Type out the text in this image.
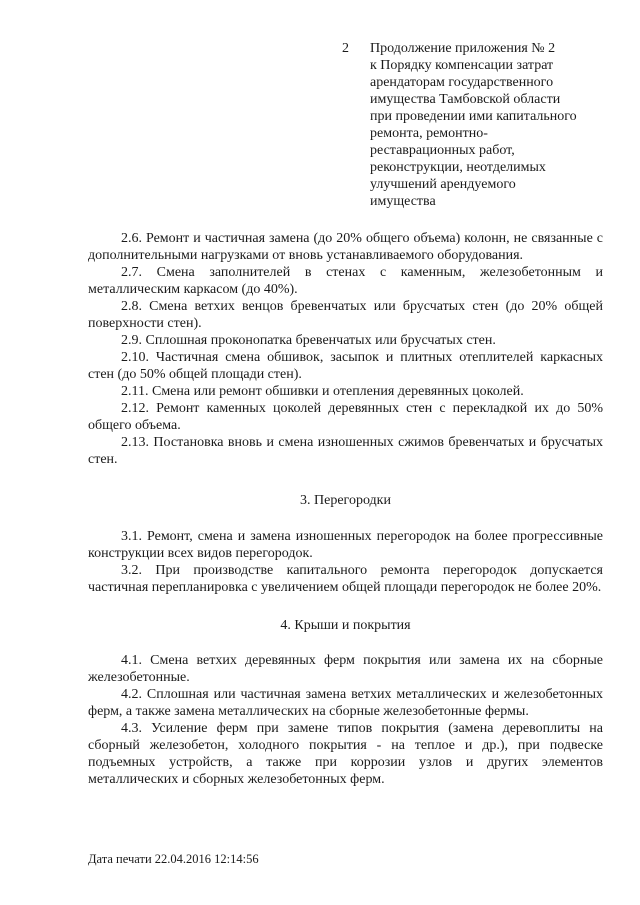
2 Продолжение приложения № 2
к Порядку компенсации затрат
арендаторам государственного
имущества Тамбовской области
при проведении ими капитального
ремонта, ремонтно-
реставрационных работ,
реконструкции, неотделимых
улучшений арендуемого
имущества

2.6. Ремонт и частичная замена (до 20% общего объема) колонн, не связанные с дополнительными нагрузками от вновь устанавливаемого оборудования.

2.7. Смена заполнителей в стенах с каменным, железобетонным и металлическим каркасом (до 40%).

2.8. Смена ветхих венцов бревенчатых или брусчатых стен (до 20% общей поверхности стен).

2.9. Сплошная проконопатка бревенчатых или брусчатых стен.

2.10. Частичная смена обшивок, засыпок и плитных отеплителей каркасных стен (до 50% общей площади стен).

2.11. Смена или ремонт обшивки и отепления деревянных цоколей.

2.12. Ремонт каменных цоколей деревянных стен с перекладкой их до 50% общего объема.

2.13. Постановка вновь и смена изношенных сжимов бревенчатых и брусчатых стен.

3. Перегородки

3.1. Ремонт, смена и замена изношенных перегородок на более прогрессивные конструкции всех видов перегородок.

3.2. При производстве капитального ремонта перегородок допускается частичная перепланировка с увеличением общей площади перегородок не более 20%.

4. Крыши и покрытия

4.1. Смена ветхих деревянных ферм покрытия или замена их на сборные железобетонные.

4.2. Сплошная или частичная замена ветхих металлических и железобетонных ферм, а также замена металлических на сборные железобетонные фермы.

4.3. Усиление ферм при замене типов покрытия (замена деревоплиты на сборный железобетон, холодного покрытия - на теплое и др.), при подвеске подъемных устройств, а также при коррозии узлов и других элементов металлических и сборных железобетонных ферм.

Дата печати 22.04.2016 12:14:56
